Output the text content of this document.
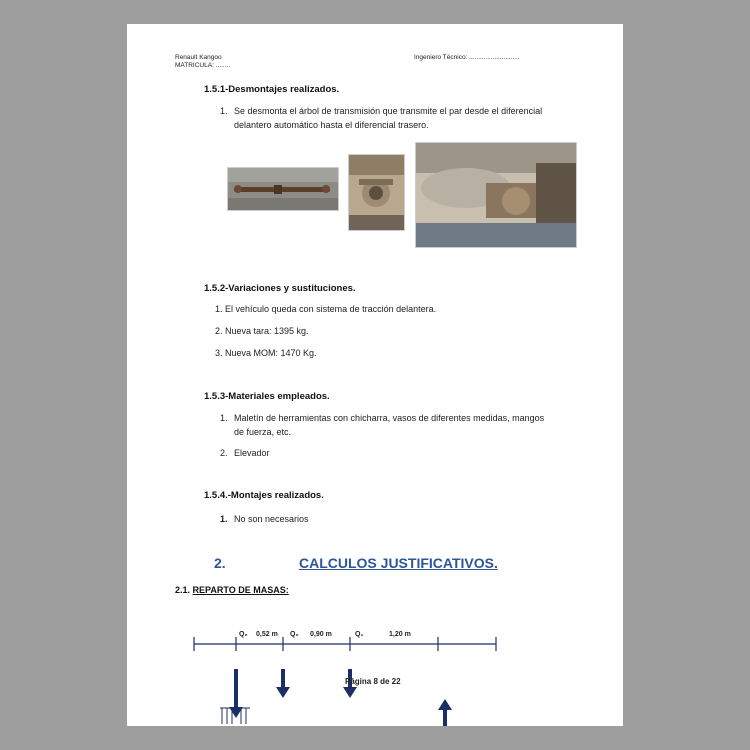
Renault Kangoo
MATRICULA: ........
Ingeniero Técnico: ............................
1.5.1-Desmontajes realizados.
1. Se desmonta el árbol de transmisión que transmite el par desde el diferencial
delantero automático hasta el diferencial trasero.
1.5.2-Variaciones y sustituciones.
1. El vehículo queda con sistema de tracción delantera.
2. Nueva tara: 1395 kg.
3. Nueva MOM: 1470 Kg.
1.5.3-Materiales empleados.
1. Maletín de herramientas con chicharra, vasos de diferentes medidas, mangos
de fuerza, etc.
2. Elevador
1.5.4.-Montajes realizados.
1. No son necesarios
2.	CALCULOS JUSTIFICATIVOS.
2.1. REPARTO DE MASAS:
Q₂ 0,52 m Q₂ 0,90 m	Q₁	1,20 m
Página 8 de 22
